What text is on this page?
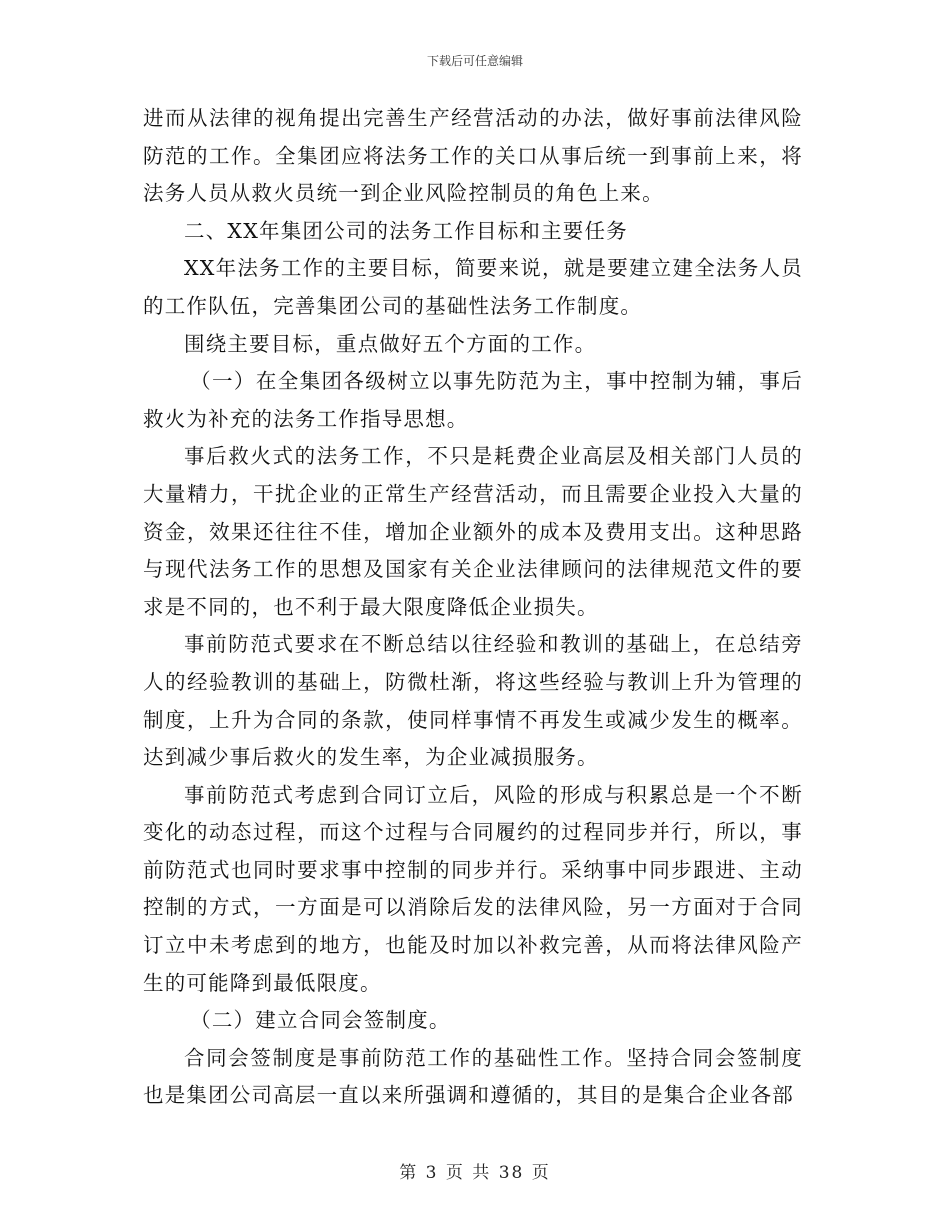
下载后可任意编辑

进而从法律的视角提出完善生产经营活动的办法，做好事前法律风险防范的工作。全集团应将法务工作的关口从事后统一到事前上来，将法务人员从救火员统一到企业风险控制员的角色上来。

二、XX年集团公司的法务工作目标和主要任务

XX年法务工作的主要目标，简要来说，就是要建立建全法务人员的工作队伍，完善集团公司的基础性法务工作制度。

围绕主要目标，重点做好五个方面的工作。

（一）在全集团各级树立以事先防范为主，事中控制为辅，事后救火为补充的法务工作指导思想。

事后救火式的法务工作，不只是耗费企业高层及相关部门人员的大量精力，干扰企业的正常生产经营活动，而且需要企业投入大量的资金，效果还往往不佳，增加企业额外的成本及费用支出。这种思路与现代法务工作的思想及国家有关企业法律顾问的法律规范文件的要求是不同的，也不利于最大限度降低企业损失。

事前防范式要求在不断总结以往经验和教训的基础上，在总结旁人的经验教训的基础上，防微杜渐，将这些经验与教训上升为管理的制度，上升为合同的条款，使同样事情不再发生或减少发生的概率。达到减少事后救火的发生率，为企业减损服务。

事前防范式考虑到合同订立后，风险的形成与积累总是一个不断变化的动态过程，而这个过程与合同履约的过程同步并行，所以，事前防范式也同时要求事中控制的同步并行。采纳事中同步跟进、主动控制的方式，一方面是可以消除后发的法律风险，另一方面对于合同订立中未考虑到的地方，也能及时加以补救完善，从而将法律风险产生的可能降到最低限度。

（二）建立合同会签制度。

合同会签制度是事前防范工作的基础性工作。坚持合同会签制度也是集团公司高层一直以来所强调和遵循的，其目的是集合企业各部

第 3 页 共 38 页
